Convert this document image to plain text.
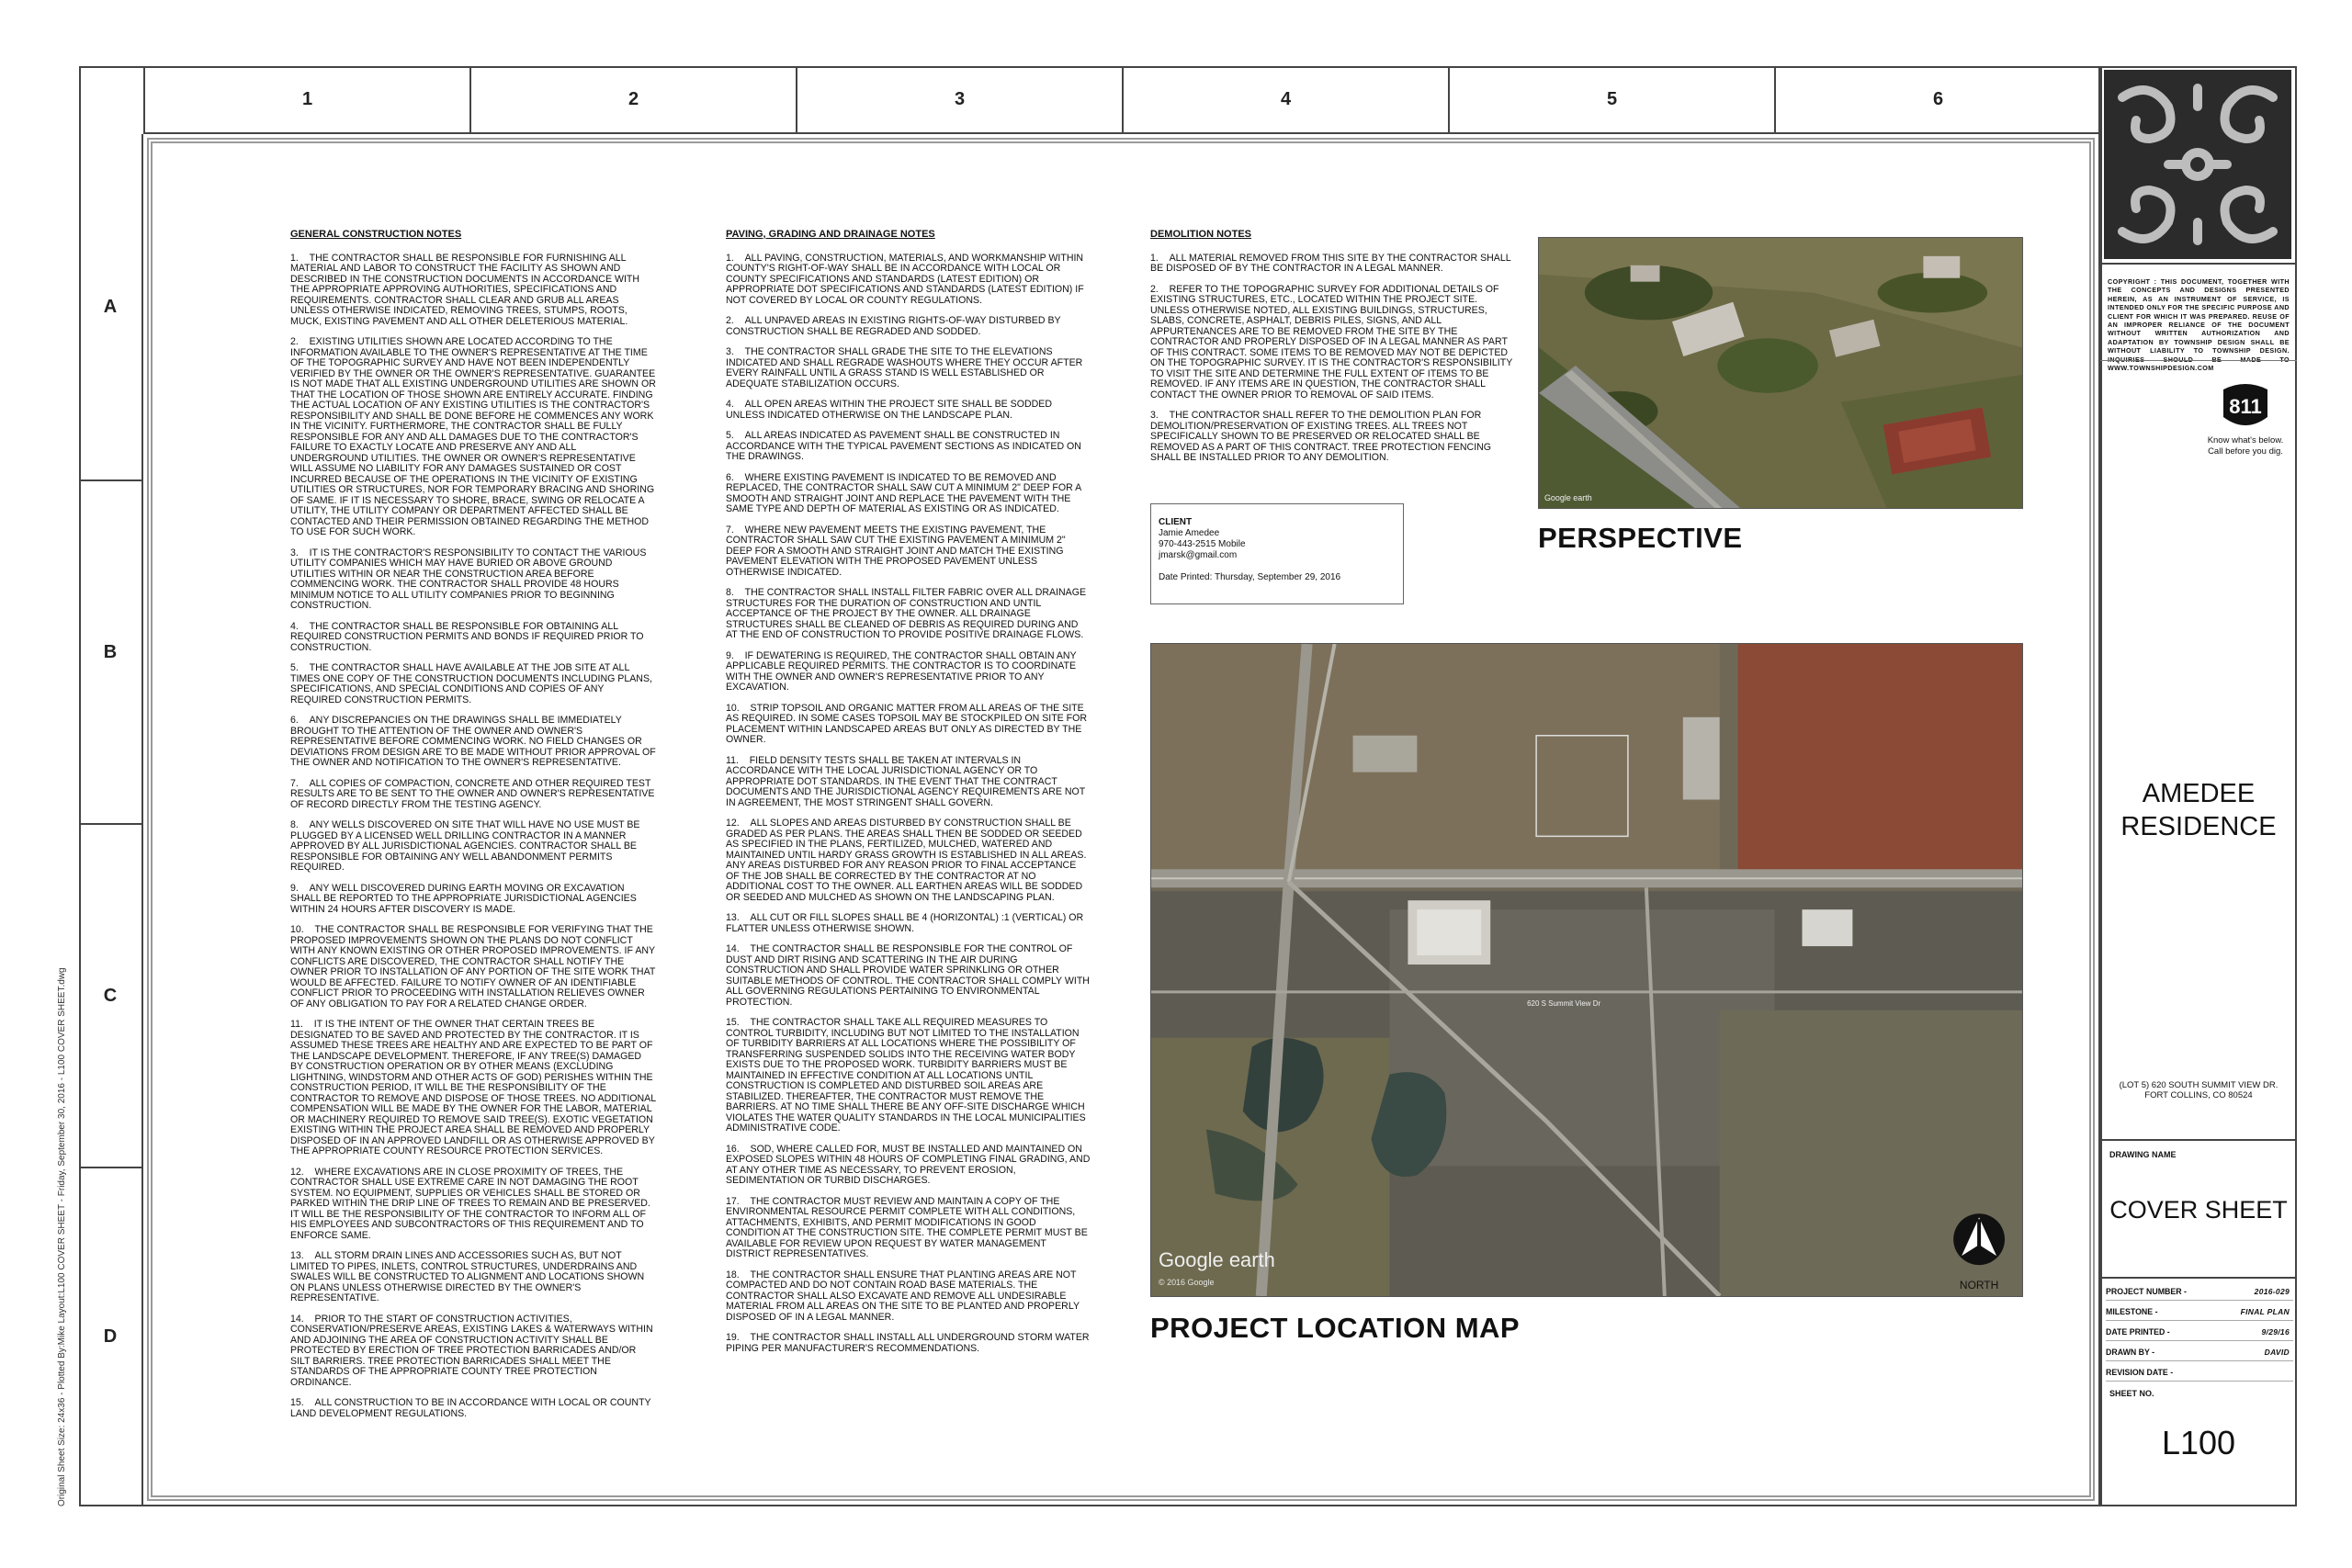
1	2	3	4	5	6
A
B
C
D
Original Sheet Size: 24x36 - Plotted By:Mike Layout:L100 COVER SHEET - Friday, September 30, 2016 - L100 COVER SHEET.dwg
GENERAL CONSTRUCTION NOTES

1.    THE CONTRACTOR SHALL BE RESPONSIBLE FOR FURNISHING ALL MATERIAL AND LABOR TO CONSTRUCT THE FACILITY AS SHOWN AND DESCRIBED IN THE CONSTRUCTION DOCUMENTS IN ACCORDANCE WITH THE APPROPRIATE APPROVING AUTHORITIES, SPECIFICATIONS AND REQUIREMENTS. CONTRACTOR SHALL CLEAR AND GRUB ALL AREAS UNLESS OTHERWISE INDICATED, REMOVING TREES, STUMPS, ROOTS, MUCK, EXISTING PAVEMENT AND ALL OTHER DELETERIOUS MATERIAL.

2.    EXISTING UTILITIES SHOWN ARE LOCATED ACCORDING TO THE INFORMATION AVAILABLE TO THE OWNER'S REPRESENTATIVE AT THE TIME OF THE TOPOGRAPHIC SURVEY AND HAVE NOT BEEN INDEPENDENTLY VERIFIED BY THE OWNER OR THE OWNER'S REPRESENTATIVE. GUARANTEE IS NOT MADE THAT ALL EXISTING UNDERGROUND UTILITIES ARE SHOWN OR THAT THE LOCATION OF THOSE SHOWN ARE ENTIRELY ACCURATE. FINDING THE ACTUAL LOCATION OF ANY EXISTING UTILITIES IS THE CONTRACTOR'S RESPONSIBILITY AND SHALL BE DONE BEFORE HE COMMENCES ANY WORK IN THE VICINITY. FURTHERMORE, THE CONTRACTOR SHALL BE FULLY RESPONSIBLE FOR ANY AND ALL DAMAGES DUE TO THE CONTRACTOR'S FAILURE TO EXACTLY LOCATE AND PRESERVE ANY AND ALL UNDERGROUND UTILITIES. THE OWNER OR OWNER'S REPRESENTATIVE WILL ASSUME NO LIABILITY FOR ANY DAMAGES SUSTAINED OR COST INCURRED BECAUSE OF THE OPERATIONS IN THE VICINITY OF EXISTING UTILITIES OR STRUCTURES, NOR FOR TEMPORARY BRACING AND SHORING OF SAME. IF IT IS NECESSARY TO SHORE, BRACE, SWING OR RELOCATE A UTILITY, THE UTILITY COMPANY OR DEPARTMENT AFFECTED SHALL BE CONTACTED AND THEIR PERMISSION OBTAINED REGARDING THE METHOD TO USE FOR SUCH WORK.

3.    IT IS THE CONTRACTOR'S RESPONSIBILITY TO CONTACT THE VARIOUS UTILITY COMPANIES WHICH MAY HAVE BURIED OR ABOVE GROUND UTILITIES WITHIN OR NEAR THE CONSTRUCTION AREA BEFORE COMMENCING WORK. THE CONTRACTOR SHALL PROVIDE 48 HOURS MINIMUM NOTICE TO ALL UTILITY COMPANIES PRIOR TO BEGINNING CONSTRUCTION.

4.    THE CONTRACTOR SHALL BE RESPONSIBLE FOR OBTAINING ALL REQUIRED CONSTRUCTION PERMITS AND BONDS IF REQUIRED PRIOR TO CONSTRUCTION.

5.    THE CONTRACTOR SHALL HAVE AVAILABLE AT THE JOB SITE AT ALL TIMES ONE COPY OF THE CONSTRUCTION DOCUMENTS INCLUDING PLANS, SPECIFICATIONS, AND SPECIAL CONDITIONS AND COPIES OF ANY REQUIRED CONSTRUCTION PERMITS.

6.    ANY DISCREPANCIES ON THE DRAWINGS SHALL BE IMMEDIATELY BROUGHT TO THE ATTENTION OF THE OWNER AND OWNER'S REPRESENTATIVE BEFORE COMMENCING WORK. NO FIELD CHANGES OR DEVIATIONS FROM DESIGN ARE TO BE MADE WITHOUT PRIOR APPROVAL OF THE OWNER AND NOTIFICATION TO THE OWNER'S REPRESENTATIVE.

7.    ALL COPIES OF COMPACTION, CONCRETE AND OTHER REQUIRED TEST RESULTS ARE TO BE SENT TO THE OWNER AND OWNER'S REPRESENTATIVE OF RECORD DIRECTLY FROM THE TESTING AGENCY.

8.    ANY WELLS DISCOVERED ON SITE THAT WILL HAVE NO USE MUST BE PLUGGED BY A LICENSED WELL DRILLING CONTRACTOR IN A MANNER APPROVED BY ALL JURISDICTIONAL AGENCIES. CONTRACTOR SHALL BE RESPONSIBLE FOR OBTAINING ANY WELL ABANDONMENT PERMITS REQUIRED.

9.    ANY WELL DISCOVERED DURING EARTH MOVING OR EXCAVATION SHALL BE REPORTED TO THE APPROPRIATE JURISDICTIONAL AGENCIES WITHIN 24 HOURS AFTER DISCOVERY IS MADE.

10.    THE CONTRACTOR SHALL BE RESPONSIBLE FOR VERIFYING THAT THE PROPOSED IMPROVEMENTS SHOWN ON THE PLANS DO NOT CONFLICT WITH ANY KNOWN EXISTING OR OTHER PROPOSED IMPROVEMENTS. IF ANY CONFLICTS ARE DISCOVERED, THE CONTRACTOR SHALL NOTIFY THE OWNER PRIOR TO INSTALLATION OF ANY PORTION OF THE SITE WORK THAT WOULD BE AFFECTED. FAILURE TO NOTIFY OWNER OF AN IDENTIFIABLE CONFLICT PRIOR TO PROCEEDING WITH INSTALLATION RELIEVES OWNER OF ANY OBLIGATION TO PAY FOR A RELATED CHANGE ORDER.

11.    IT IS THE INTENT OF THE OWNER THAT CERTAIN TREES BE DESIGNATED TO BE SAVED AND PROTECTED BY THE CONTRACTOR. IT IS ASSUMED THESE TREES ARE HEALTHY AND ARE EXPECTED TO BE PART OF THE LANDSCAPE DEVELOPMENT. THEREFORE, IF ANY TREE(S) DAMAGED BY CONSTRUCTION OPERATION OR BY OTHER MEANS (EXCLUDING LIGHTNING, WINDSTORM AND OTHER ACTS OF GOD) PERISHES WITHIN THE CONSTRUCTION PERIOD, IT WILL BE THE RESPONSIBILITY OF THE CONTRACTOR TO REMOVE AND DISPOSE OF THOSE TREES. NO ADDITIONAL COMPENSATION WILL BE MADE BY THE OWNER FOR THE LABOR, MATERIAL OR MACHINERY REQUIRED TO REMOVE SAID TREE(S). EXOTIC VEGETATION EXISTING WITHIN THE PROJECT AREA SHALL BE REMOVED AND PROPERLY DISPOSED OF IN AN APPROVED LANDFILL OR AS OTHERWISE APPROVED BY THE APPROPRIATE COUNTY RESOURCE PROTECTION SERVICES.

12.    WHERE EXCAVATIONS ARE IN CLOSE PROXIMITY OF TREES, THE CONTRACTOR SHALL USE EXTREME CARE IN NOT DAMAGING THE ROOT SYSTEM. NO EQUIPMENT, SUPPLIES OR VEHICLES SHALL BE STORED OR PARKED WITHIN THE DRIP LINE OF TREES TO REMAIN AND BE PRESERVED. IT WILL BE THE RESPONSIBILITY OF THE CONTRACTOR TO INFORM ALL OF HIS EMPLOYEES AND SUBCONTRACTORS OF THIS REQUIREMENT AND TO ENFORCE SAME.

13.    ALL STORM DRAIN LINES AND ACCESSORIES SUCH AS, BUT NOT LIMITED TO PIPES, INLETS, CONTROL STRUCTURES, UNDERDRAINS AND SWALES WILL BE CONSTRUCTED TO ALIGNMENT AND LOCATIONS SHOWN ON PLANS UNLESS OTHERWISE DIRECTED BY THE OWNER'S REPRESENTATIVE.

14.    PRIOR TO THE START OF CONSTRUCTION ACTIVITIES, CONSERVATION/PRESERVE AREAS, EXISTING LAKES & WATERWAYS WITHIN AND ADJOINING THE AREA OF CONSTRUCTION ACTIVITY SHALL BE PROTECTED BY ERECTION OF TREE PROTECTION BARRICADES AND/OR SILT BARRIERS. TREE PROTECTION BARRICADES SHALL MEET THE STANDARDS OF THE APPROPRIATE COUNTY TREE PROTECTION ORDINANCE.

15.    ALL CONSTRUCTION TO BE IN ACCORDANCE WITH LOCAL OR COUNTY LAND DEVELOPMENT REGULATIONS.

PAVING, GRADING AND DRAINAGE NOTES

1.    ALL PAVING, CONSTRUCTION, MATERIALS, AND WORKMANSHIP WITHIN COUNTY'S RIGHT-OF-WAY SHALL BE IN ACCORDANCE WITH LOCAL OR COUNTY SPECIFICATIONS AND STANDARDS (LATEST EDITION) OR APPROPRIATE DOT SPECIFICATIONS AND STANDARDS (LATEST EDITION) IF NOT COVERED BY LOCAL OR COUNTY REGULATIONS.

2.    ALL UNPAVED AREAS IN EXISTING RIGHTS-OF-WAY DISTURBED BY CONSTRUCTION SHALL BE REGRADED AND SODDED.

3.    THE CONTRACTOR SHALL GRADE THE SITE TO THE ELEVATIONS INDICATED AND SHALL REGRADE WASHOUTS WHERE THEY OCCUR AFTER EVERY RAINFALL UNTIL A GRASS STAND IS WELL ESTABLISHED OR ADEQUATE STABILIZATION OCCURS.

4.    ALL OPEN AREAS WITHIN THE PROJECT SITE SHALL BE SODDED UNLESS INDICATED OTHERWISE ON THE LANDSCAPE PLAN.

5.    ALL AREAS INDICATED AS PAVEMENT SHALL BE CONSTRUCTED IN ACCORDANCE WITH THE TYPICAL PAVEMENT SECTIONS AS INDICATED ON THE DRAWINGS.

6.    WHERE EXISTING PAVEMENT IS INDICATED TO BE REMOVED AND REPLACED, THE CONTRACTOR SHALL SAW CUT A MINIMUM 2" DEEP FOR A SMOOTH AND STRAIGHT JOINT AND REPLACE THE PAVEMENT WITH THE SAME TYPE AND DEPTH OF MATERIAL AS EXISTING OR AS INDICATED.

7.    WHERE NEW PAVEMENT MEETS THE EXISTING PAVEMENT, THE CONTRACTOR SHALL SAW CUT THE EXISTING PAVEMENT A MINIMUM 2" DEEP FOR A SMOOTH AND STRAIGHT JOINT AND MATCH THE EXISTING PAVEMENT ELEVATION WITH THE PROPOSED PAVEMENT UNLESS OTHERWISE INDICATED.

8.    THE CONTRACTOR SHALL INSTALL FILTER FABRIC OVER ALL DRAINAGE STRUCTURES FOR THE DURATION OF CONSTRUCTION AND UNTIL ACCEPTANCE OF THE PROJECT BY THE OWNER. ALL DRAINAGE STRUCTURES SHALL BE CLEANED OF DEBRIS AS REQUIRED DURING AND AT THE END OF CONSTRUCTION TO PROVIDE POSITIVE DRAINAGE FLOWS.

9.    IF DEWATERING IS REQUIRED, THE CONTRACTOR SHALL OBTAIN ANY APPLICABLE REQUIRED PERMITS. THE CONTRACTOR IS TO COORDINATE WITH THE OWNER AND OWNER'S REPRESENTATIVE PRIOR TO ANY EXCAVATION.

10.    STRIP TOPSOIL AND ORGANIC MATTER FROM ALL AREAS OF THE SITE AS REQUIRED. IN SOME CASES TOPSOIL MAY BE STOCKPILED ON SITE FOR PLACEMENT WITHIN LANDSCAPED AREAS BUT ONLY AS DIRECTED BY THE OWNER.

11.    FIELD DENSITY TESTS SHALL BE TAKEN AT INTERVALS IN ACCORDANCE WITH THE LOCAL JURISDICTIONAL AGENCY OR TO APPROPRIATE DOT STANDARDS. IN THE EVENT THAT THE CONTRACT DOCUMENTS AND THE JURISDICTIONAL AGENCY REQUIREMENTS ARE NOT IN AGREEMENT, THE MOST STRINGENT SHALL GOVERN.

12.    ALL SLOPES AND AREAS DISTURBED BY CONSTRUCTION SHALL BE GRADED AS PER PLANS. THE AREAS SHALL THEN BE SODDED OR SEEDED AS SPECIFIED IN THE PLANS, FERTILIZED, MULCHED, WATERED AND MAINTAINED UNTIL HARDY GRASS GROWTH IS ESTABLISHED IN ALL AREAS. ANY AREAS DISTURBED FOR ANY REASON PRIOR TO FINAL ACCEPTANCE OF THE JOB SHALL BE CORRECTED BY THE CONTRACTOR AT NO ADDITIONAL COST TO THE OWNER. ALL EARTHEN AREAS WILL BE SODDED OR SEEDED AND MULCHED AS SHOWN ON THE LANDSCAPING PLAN.

13.    ALL CUT OR FILL SLOPES SHALL BE 4 (HORIZONTAL) :1 (VERTICAL) OR FLATTER UNLESS OTHERWISE SHOWN.

14.    THE CONTRACTOR SHALL BE RESPONSIBLE FOR THE CONTROL OF DUST AND DIRT RISING AND SCATTERING IN THE AIR DURING CONSTRUCTION AND SHALL PROVIDE WATER SPRINKLING OR OTHER SUITABLE METHODS OF CONTROL. THE CONTRACTOR SHALL COMPLY WITH ALL GOVERNING REGULATIONS PERTAINING TO ENVIRONMENTAL PROTECTION.

15.    THE CONTRACTOR SHALL TAKE ALL REQUIRED MEASURES TO CONTROL TURBIDITY, INCLUDING BUT NOT LIMITED TO THE INSTALLATION OF TURBIDITY BARRIERS AT ALL LOCATIONS WHERE THE POSSIBILITY OF TRANSFERRING SUSPENDED SOLIDS INTO THE RECEIVING WATER BODY EXISTS DUE TO THE PROPOSED WORK. TURBIDITY BARRIERS MUST BE MAINTAINED IN EFFECTIVE CONDITION AT ALL LOCATIONS UNTIL CONSTRUCTION IS COMPLETED AND DISTURBED SOIL AREAS ARE STABILIZED. THEREAFTER, THE CONTRACTOR MUST REMOVE THE BARRIERS. AT NO TIME SHALL THERE BE ANY OFF-SITE DISCHARGE WHICH VIOLATES THE WATER QUALITY STANDARDS IN THE LOCAL MUNICIPALITIES ADMINISTRATIVE CODE.

16.    SOD, WHERE CALLED FOR, MUST BE INSTALLED AND MAINTAINED ON EXPOSED SLOPES WITHIN 48 HOURS OF COMPLETING FINAL GRADING, AND AT ANY OTHER TIME AS NECESSARY, TO PREVENT EROSION, SEDIMENTATION OR TURBID DISCHARGES.

17.    THE CONTRACTOR MUST REVIEW AND MAINTAIN A COPY OF THE ENVIRONMENTAL RESOURCE PERMIT COMPLETE WITH ALL CONDITIONS, ATTACHMENTS, EXHIBITS, AND PERMIT MODIFICATIONS IN GOOD CONDITION AT THE CONSTRUCTION SITE. THE COMPLETE PERMIT MUST BE AVAILABLE FOR REVIEW UPON REQUEST BY WATER MANAGEMENT DISTRICT REPRESENTATIVES.

18.    THE CONTRACTOR SHALL ENSURE THAT PLANTING AREAS ARE NOT COMPACTED AND DO NOT CONTAIN ROAD BASE MATERIALS. THE CONTRACTOR SHALL ALSO EXCAVATE AND REMOVE ALL UNDESIRABLE MATERIAL FROM ALL AREAS ON THE SITE TO BE PLANTED AND PROPERLY DISPOSED OF IN A LEGAL MANNER.

19.    THE CONTRACTOR SHALL INSTALL ALL UNDERGROUND STORM WATER PIPING PER MANUFACTURER'S RECOMMENDATIONS.

DEMOLITION NOTES

1.    ALL MATERIAL REMOVED FROM THIS SITE BY THE CONTRACTOR SHALL BE DISPOSED OF BY THE CONTRACTOR IN A LEGAL MANNER.

2.    REFER TO THE TOPOGRAPHIC SURVEY FOR ADDITIONAL DETAILS OF EXISTING STRUCTURES, ETC., LOCATED WITHIN THE PROJECT SITE. UNLESS OTHERWISE NOTED, ALL EXISTING BUILDINGS, STRUCTURES, SLABS, CONCRETE, ASPHALT, DEBRIS PILES, SIGNS, AND ALL APPURTENANCES ARE TO BE REMOVED FROM THE SITE BY THE CONTRACTOR AND PROPERLY DISPOSED OF IN A LEGAL MANNER AS PART OF THIS CONTRACT. SOME ITEMS TO BE REMOVED MAY NOT BE DEPICTED ON THE TOPOGRAPHIC SURVEY. IT IS THE CONTRACTOR'S RESPONSIBILITY TO VISIT THE SITE AND DETERMINE THE FULL EXTENT OF ITEMS TO BE REMOVED. IF ANY ITEMS ARE IN QUESTION, THE CONTRACTOR SHALL CONTACT THE OWNER PRIOR TO REMOVAL OF SAID ITEMS.

3.    THE CONTRACTOR SHALL REFER TO THE DEMOLITION PLAN FOR DEMOLITION/PRESERVATION OF EXISTING TREES. ALL TREES NOT SPECIFICALLY SHOWN TO BE PRESERVED OR RELOCATED SHALL BE REMOVED AS A PART OF THIS CONTRACT. TREE PROTECTION FENCING SHALL BE INSTALLED PRIOR TO ANY DEMOLITION.

CLIENT
Jamie Amedee
970-443-2515 Mobile
jmarsk@gmail.com
Date Printed: Thursday, September 29, 2016
Google earth
PERSPECTIVE
620 S Summit View Dr
Google earth
© 2016 Google	NORTH
PROJECT LOCATION MAP
COPYRIGHT : THIS DOCUMENT, TOGETHER WITH THE CONCEPTS AND DESIGNS PRESENTED HEREIN, AS AN INSTRUMENT OF SERVICE, IS INTENDED ONLY FOR THE SPECIFIC PURPOSE AND CLIENT FOR WHICH IT WAS PREPARED. REUSE OF AN IMPROPER RELIANCE OF THE DOCUMENT WITHOUT WRITTEN AUTHORIZATION AND ADAPTATION BY TOWNSHIP DESIGN SHALL BE WITHOUT LIABILITY TO TOWNSHIP DESIGN. INQUIRIES SHOULD BE MADE TO WWW.TOWNSHIPDESIGN.COM
811
Know what's below.
Call before you dig.
AMEDEE
RESIDENCE
(LOT 5) 620 SOUTH SUMMIT VIEW DR.
FORT COLLINS, CO 80524
DRAWING NAME
COVER SHEET
PROJECT NUMBER -	2016-029
MILESTONE -	FINAL PLAN
DATE PRINTED -	9/29/16
DRAWN BY -	DAVID
REVISION DATE -
SHEET NO.
L100
